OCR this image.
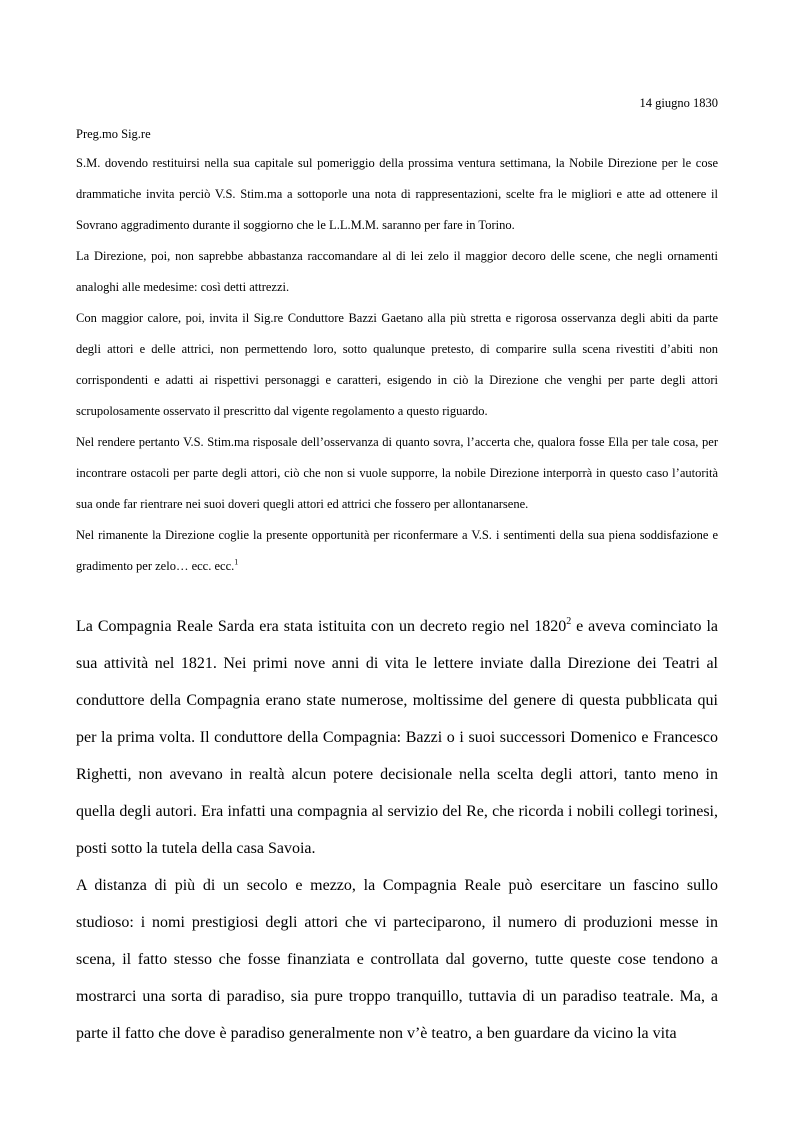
14 giugno 1830
Preg.mo Sig.re

S.M. dovendo restituirsi nella sua capitale sul pomeriggio della prossima ventura settimana, la Nobile Direzione per le cose drammatiche invita perciò V.S. Stim.ma a sottoporle una nota di rappresentazioni, scelte fra le migliori e atte ad ottenere il Sovrano aggradimento durante il soggiorno che le L.L.M.M. saranno per fare in Torino.

La Direzione, poi, non saprebbe abbastanza raccomandare al di lei zelo il maggior decoro delle scene, che negli ornamenti analoghi alle medesime: così detti attrezzi.

Con maggior calore, poi, invita il Sig.re Conduttore Bazzi Gaetano alla più stretta e rigorosa osservanza degli abiti da parte degli attori e delle attrici, non permettendo loro, sotto qualunque pretesto, di comparire sulla scena rivestiti d’abiti non corrispondenti e adatti ai rispettivi personaggi e caratteri, esigendo in ciò la Direzione che venghi per parte degli attori scrupolosamente osservato il prescritto dal vigente regolamento a questo riguardo.

Nel rendere pertanto V.S. Stim.ma risposale dell’osservanza di quanto sovra, l’accerta che, qualora fosse Ella per tale cosa, per incontrare ostacoli per parte degli attori, ciò che non si vuole supporre, la nobile Direzione interporrà in questo caso l’autorità sua onde far rientrare nei suoi doveri quegli attori ed attrici che fossero per allontanarsene.

Nel rimanente la Direzione coglie la presente opportunità per riconfermare a V.S. i sentimenti della sua piena soddisfazione e gradimento per zelo… ecc. ecc.$^1$

La Compagnia Reale Sarda era stata istituita con un decreto regio nel 1820$^2$ e aveva cominciato la sua attività nel 1821. Nei primi nove anni di vita le lettere inviate dalla Direzione dei Teatri al conduttore della Compagnia erano state numerose, moltissime del genere di questa pubblicata qui per la prima volta. Il conduttore della Compagnia: Bazzi o i suoi successori Domenico e Francesco Righetti, non avevano in realtà alcun potere decisionale nella scelta degli attori, tanto meno in quella degli autori. Era infatti una compagnia al servizio del Re, che ricorda i nobili collegi torinesi, posti sotto la tutela della casa Savoia.

A distanza di più di un secolo e mezzo, la Compagnia Reale può esercitare un fascino sullo studioso: i nomi prestigiosi degli attori che vi parteciparono, il numero di produzioni messe in scena, il fatto stesso che fosse finanziata e controllata dal governo, tutte queste cose tendono a mostrarci una sorta di paradiso, sia pure troppo tranquillo, tuttavia di un paradiso teatrale. Ma, a parte il fatto che dove è paradiso generalmente non v’è teatro, a ben guardare da vicino la vita
